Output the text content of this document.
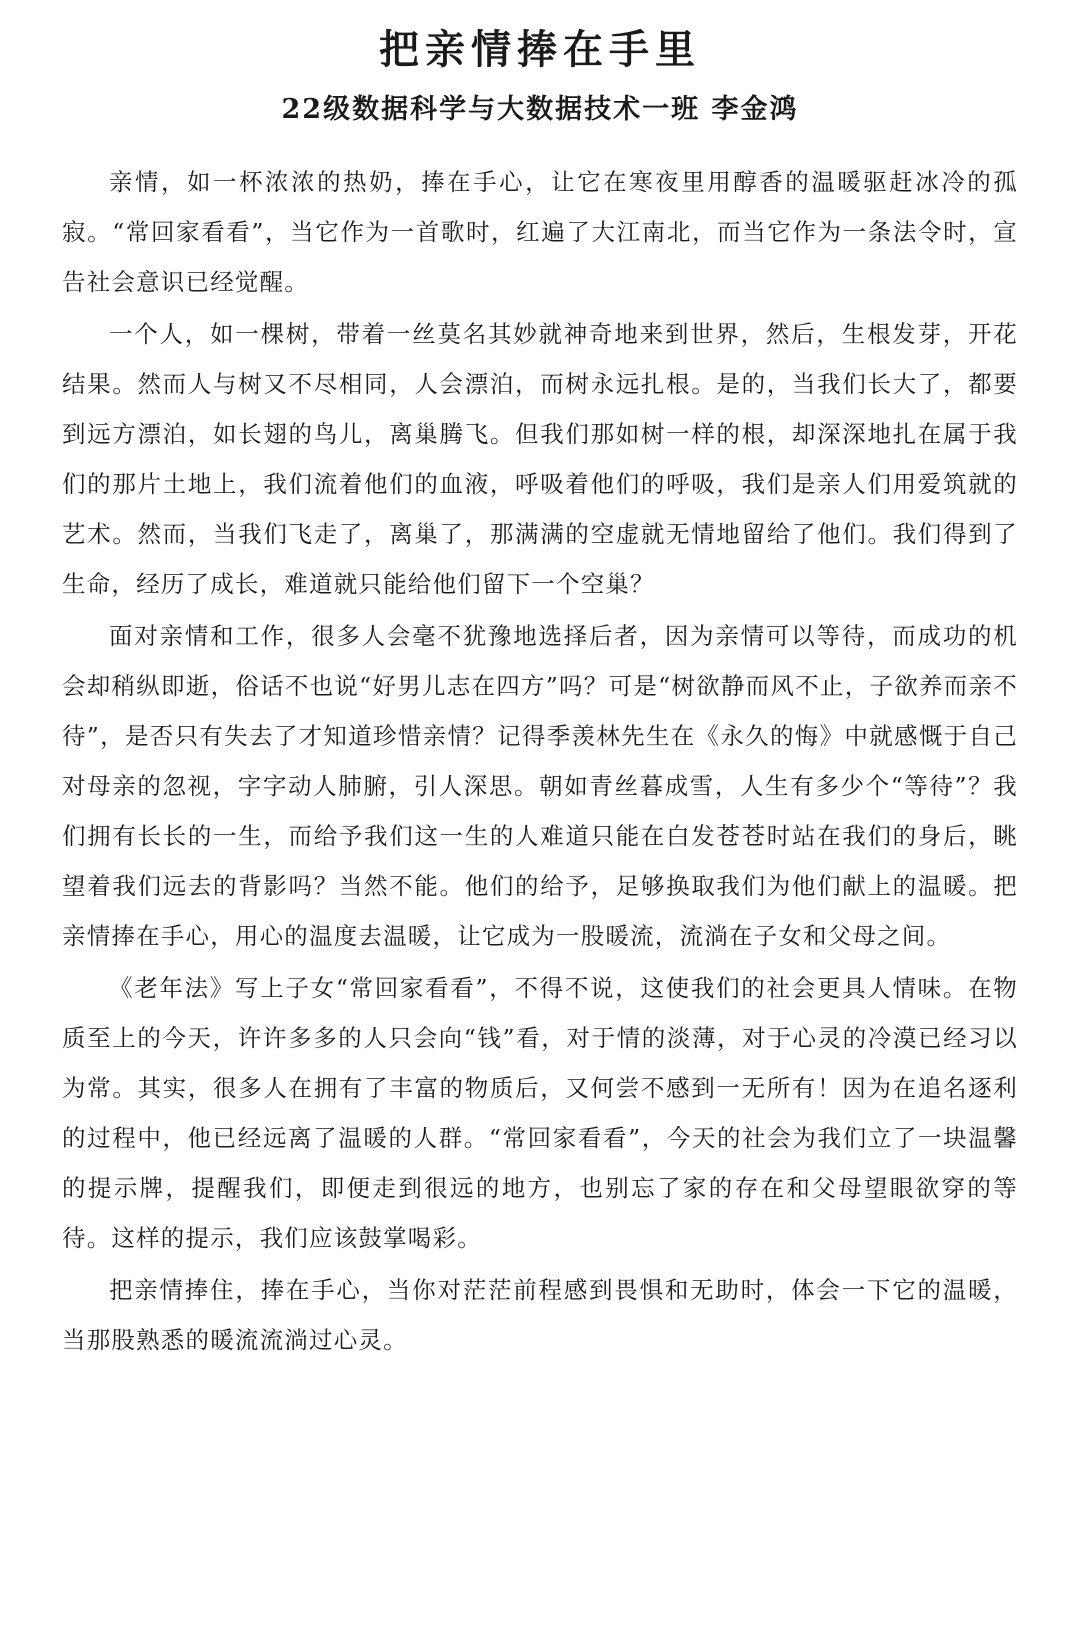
把亲情捧在手里
22级数据科学与大数据技术一班 李金鸿

亲情，如一杯浓浓的热奶，捧在手心，让它在寒夜里用醇香的温暖驱赶冰冷的孤寂。“常回家看看”，当它作为一首歌时，红遍了大江南北，而当它作为一条法令时，宣告社会意识已经觉醒。

一个人，如一棵树，带着一丝莫名其妙就神奇地来到世界，然后，生根发芽，开花结果。然而人与树又不尽相同，人会漂泊，而树永远扎根。是的，当我们长大了，都要到远方漂泊，如长翅的鸟儿，离巢腾飞。但我们那如树一样的根，却深深地扎在属于我们的那片土地上，我们流着他们的血液，呼吸着他们的呼吸，我们是亲人们用爱筑就的艺术。然而，当我们飞走了，离巢了，那满满的空虚就无情地留给了他们。我们得到了生命，经历了成长，难道就只能给他们留下一个空巢？

面对亲情和工作，很多人会毫不犹豫地选择后者，因为亲情可以等待，而成功的机会却稍纵即逝，俗话不也说“好男儿志在四方”吗？可是“树欲静而风不止，子欲养而亲不待”，是否只有失去了才知道珍惜亲情？记得季羡林先生在《永久的悔》中就感慨于自己对母亲的忽视，字字动人肺腑，引人深思。朝如青丝暮成雪，人生有多少个“等待”？我们拥有长长的一生，而给予我们这一生的人难道只能在白发苍苍时站在我们的身后，眺望着我们远去的背影吗？当然不能。他们的给予，足够换取我们为他们献上的温暖。把亲情捧在手心，用心的温度去温暖，让它成为一股暖流，流淌在子女和父母之间。

《老年法》写上子女“常回家看看”，不得不说，这使我们的社会更具人情味。在物质至上的今天，许许多多的人只会向“钱”看，对于情的淡薄，对于心灵的冷漠已经习以为常。其实，很多人在拥有了丰富的物质后，又何尝不感到一无所有！因为在追名逐利的过程中，他已经远离了温暖的人群。“常回家看看”，今天的社会为我们立了一块温馨的提示牌，提醒我们，即便走到很远的地方，也别忘了家的存在和父母望眼欲穿的等待。这样的提示，我们应该鼓掌喝彩。

把亲情捧住，捧在手心，当你对茫茫前程感到畏惧和无助时，体会一下它的温暖，当那股熟悉的暖流流淌过心灵。
